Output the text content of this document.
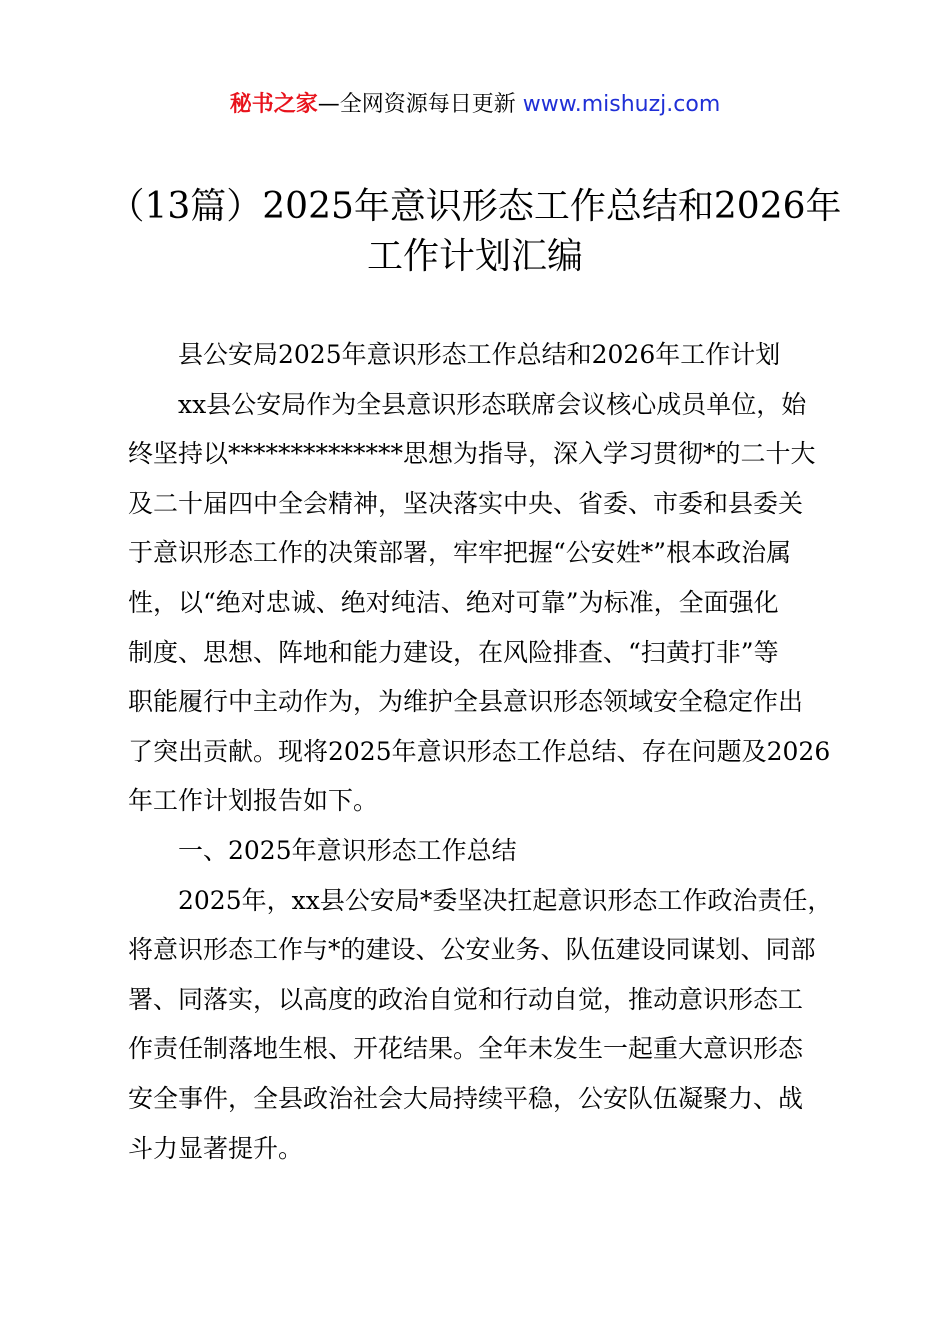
秘书之家—全网资源每日更新 www.mishuzj.com
（13篇）2025年意识形态工作总结和2026年
工作计划汇编
县公安局2025年意识形态工作总结和2026年工作计划
xx县公安局作为全县意识形态联席会议核心成员单位，始
终坚持以**************思想为指导，深入学习贯彻*的二十大
及二十届四中全会精神，坚决落实中央、省委、市委和县委关
于意识形态工作的决策部署，牢牢把握“公安姓*”根本政治属
性，以“绝对忠诚、绝对纯洁、绝对可靠”为标准，全面强化
制度、思想、阵地和能力建设，在风险排查、“扫黄打非”等
职能履行中主动作为，为维护全县意识形态领域安全稳定作出
了突出贡献。现将2025年意识形态工作总结、存在问题及2026
年工作计划报告如下。
一、2025年意识形态工作总结
2025年，xx县公安局*委坚决扛起意识形态工作政治责任，
将意识形态工作与*的建设、公安业务、队伍建设同谋划、同部
署、同落实，以高度的政治自觉和行动自觉，推动意识形态工
作责任制落地生根、开花结果。全年未发生一起重大意识形态
安全事件，全县政治社会大局持续平稳，公安队伍凝聚力、战
斗力显著提升。
